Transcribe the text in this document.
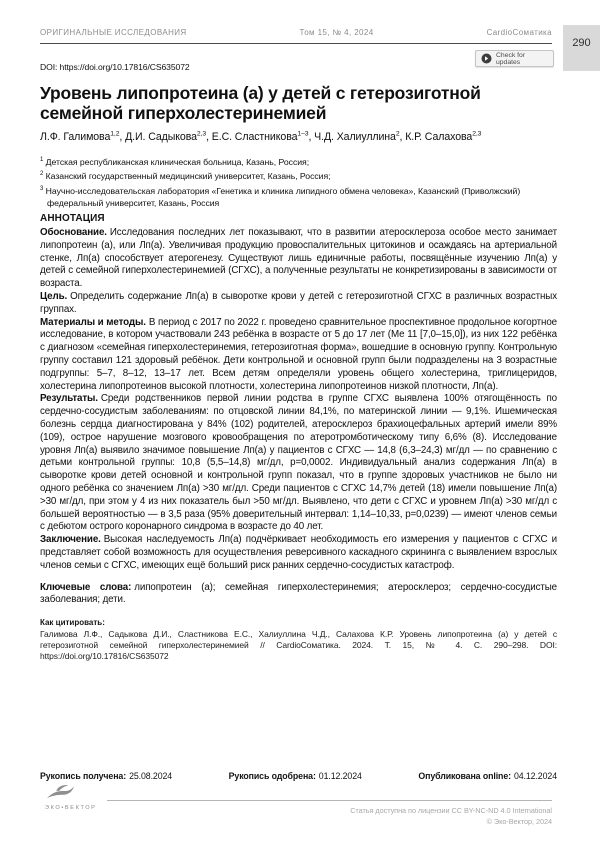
ОРИГИНАЛЬНЫЕ ИССЛЕДОВАНИЯ	Том 15, № 4, 2024	CardioСоматика
290
DOI: https://doi.org/10.17816/CS635072
Check for updates
Уровень липопротеина (а) у детей с гетерозиготной семейной гиперхолестеринемией
Л.Ф. Галимова$^{1,2}$, Д.И. Садыкова$^{2,3}$, Е.С. Сластникова$^{1-3}$, Ч.Д. Халиуллина$^2$, К.Р. Салахова$^{2,3}$
$^1$ Детская республиканская клиническая больница, Казань, Россия;
$^2$ Казанский государственный медицинский университет, Казань, Россия;
$^3$ Научно-исследовательская лаборатория «Генетика и клиника липидного обмена человека», Казанский (Приволжский) федеральный университет, Казань, Россия
АННОТАЦИЯ

Обоснование. Исследования последних лет показывают, что в развитии атеросклероза особое место занимает липопротеин (а), или Лп(а). Увеличивая продукцию провоспалительных цитокинов и осаждаясь на артериальной стенке, Лп(а) способствует атерогенезу. Существуют лишь единичные работы, посвящённые изучению Лп(а) у детей с семейной гиперхолестеринемией (СГХС), а полученные результаты не конкретизированы в зависимости от возраста.

Цель. Определить содержание Лп(а) в сыворотке крови у детей с гетерозиготной СГХС в различных возрастных группах.

Материалы и методы. В период с 2017 по 2022 г. проведено сравнительное проспективное продольное когортное исследование, в котором участвовали 243 ребёнка в возрасте от 5 до 17 лет (Ме 11 [7,0–15,0]), из них 122 ребёнка с диагнозом «семейная гиперхолестеринемия, гетерозиготная форма», вошедшие в основную группу. Контрольную группу составил 121 здоровый ребёнок. Дети контрольной и основной групп были подразделены на 3 возрастные подгруппы: 5–7, 8–12, 13–17 лет. Всем детям определяли уровень общего холестерина, триглицеридов, холестерина липопротеинов высокой плотности, холестерина липопротеинов низкой плотности, Лп(а).

Результаты. Среди родственников первой линии родства в группе СГХС выявлена 100% отягощённость по сердечно-сосудистым заболеваниям: по отцовской линии 84,1%, по материнской линии — 9,1%. Ишемическая болезнь сердца диагностирована у 84% (102) родителей, атеросклероз брахиоцефальных артерий имели 89% (109), острое нарушение мозгового кровообращения по атеротромботическому типу 6,6% (8). Исследование уровня Лп(а) выявило значимое повышение Лп(а) у пациентов с СГХС — 14,8 (6,3–24,3) мг/дл — по сравнению с детьми контрольной группы: 10,8 (5,5–14,8) мг/дл, p=0,0002. Индивидуальный анализ содержания Лп(а) в сыворотке крови детей основной и контрольной групп показал, что в группе здоровых участников не было ни одного ребёнка со значением Лп(а) >30 мг/дл. Среди пациентов с СГХС 14,7% детей (18) имели повышение Лп(а) >30 мг/дл, при этом у 4 из них показатель был >50 мг/дл. Выявлено, что дети с СГХС и уровнем Лп(а) >30 мг/дл с большей вероятностью — в 3,5 раза (95% доверительный интервал: 1,14–10,33, p=0,0239) — имеют членов семьи с дебютом острого коронарного синдрома в возрасте до 40 лет.

Заключение. Высокая наследуемость Лп(а) подчёркивает необходимость его измерения у пациентов с СГХС и представляет собой возможность для осуществления реверсивного каскадного скрининга с выявлением взрослых членов семьи с СГХС, имеющих ещё больший риск ранних сердечно-сосудистых катастроф.

Ключевые слова: липопротеин (а); семейная гиперхолестеринемия; атеросклероз; сердечно-сосудистые заболевания; дети.

Как цитировать:
Галимова Л.Ф., Садыкова Д.И., Сластникова Е.С., Халиуллина Ч.Д., Салахова К.Р. Уровень липопротеина (а) у детей с гетерозиготной семейной гиперхолестеринемией // CardioСоматика. 2024. Т. 15, № 4. С. 290–298. DOI: https://doi.org/10.17816/CS635072
Рукопись получена: 25.08.2024	Рукопись одобрена: 01.12.2024	Опубликована online: 04.12.2024
ЭКО•ВЕКТОР	Статья доступна по лицензии CC BY-NC-ND 4.0 International
© Эко-Вектор, 2024
